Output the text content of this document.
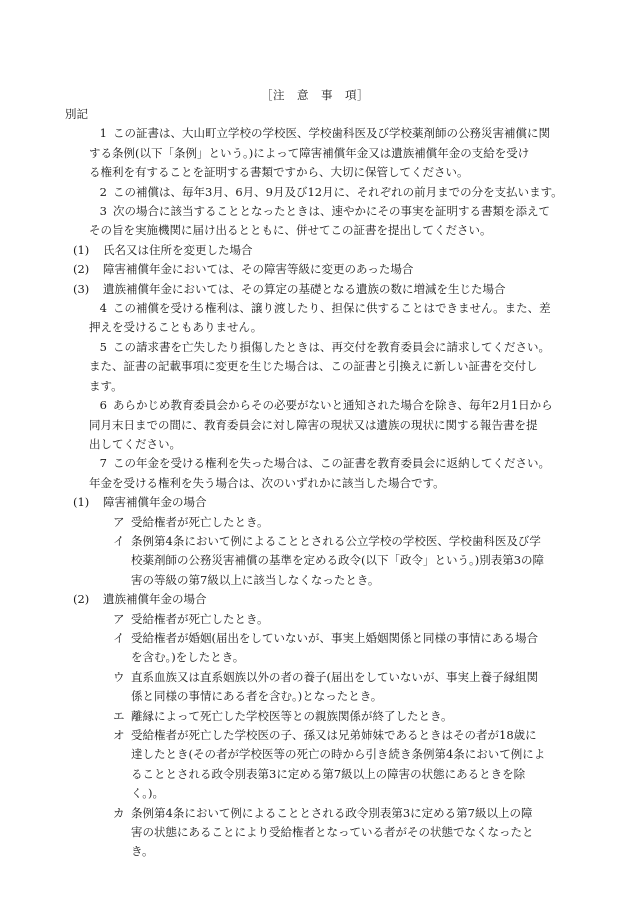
［注　意　事　項］
別記
1 この証書は、大山町立学校の学校医、学校歯科医及び学校薬剤師の公務災害補償に関
する条例(以下「条例」という。)によって障害補償年金又は遺族補償年金の支給を受け
る権利を有することを証明する書類ですから、大切に保管してください。
2 この補償は、毎年3月、6月、9月及び12月に、それぞれの前月までの分を支払います。
3 次の場合に該当することとなったときは、速やかにその事実を証明する書類を添えて
その旨を実施機関に届け出るとともに、併せてこの証書を提出してください。
(1) 氏名又は住所を変更した場合
(2) 障害補償年金においては、その障害等級に変更のあった場合
(3) 遺族補償年金においては、その算定の基礎となる遺族の数に増減を生じた場合
4 この補償を受ける権利は、譲り渡したり、担保に供することはできません。また、差
押えを受けることもありません。
5 この請求書を亡失したり損傷したときは、再交付を教育委員会に請求してください。
また、証書の記載事項に変更を生じた場合は、この証書と引換えに新しい証書を交付し
ます。
6 あらかじめ教育委員会からその必要がないと通知された場合を除き、毎年2月1日から
同月末日までの間に、教育委員会に対し障害の現状又は遺族の現状に関する報告書を提
出してください。
7 この年金を受ける権利を失った場合は、この証書を教育委員会に返納してください。
年金を受ける権利を失う場合は、次のいずれかに該当した場合です。
(1) 障害補償年金の場合
ア 受給権者が死亡したとき。
イ 条例第4条において例によることとされる公立学校の学校医、学校歯科医及び学
校薬剤師の公務災害補償の基準を定める政令(以下「政令」という。)別表第3の障
害の等級の第7級以上に該当しなくなったとき。
(2) 遺族補償年金の場合
ア 受給権者が死亡したとき。
イ 受給権者が婚姻(届出をしていないが、事実上婚姻関係と同様の事情にある場合
を含む。)をしたとき。
ウ 直系血族又は直系姻族以外の者の養子(届出をしていないが、事実上養子縁組関
係と同様の事情にある者を含む。)となったとき。
エ 離縁によって死亡した学校医等との親族関係が終了したとき。
オ 受給権者が死亡した学校医の子、孫又は兄弟姉妹であるときはその者が18歳に
達したとき(その者が学校医等の死亡の時から引き続き条例第4条において例によ
ることとされる政令別表第3に定める第7級以上の障害の状態にあるときを除
く。)。
カ 条例第4条において例によることとされる政令別表第3に定める第7級以上の障
害の状態にあることにより受給権者となっている者がその状態でなくなったと
き。
